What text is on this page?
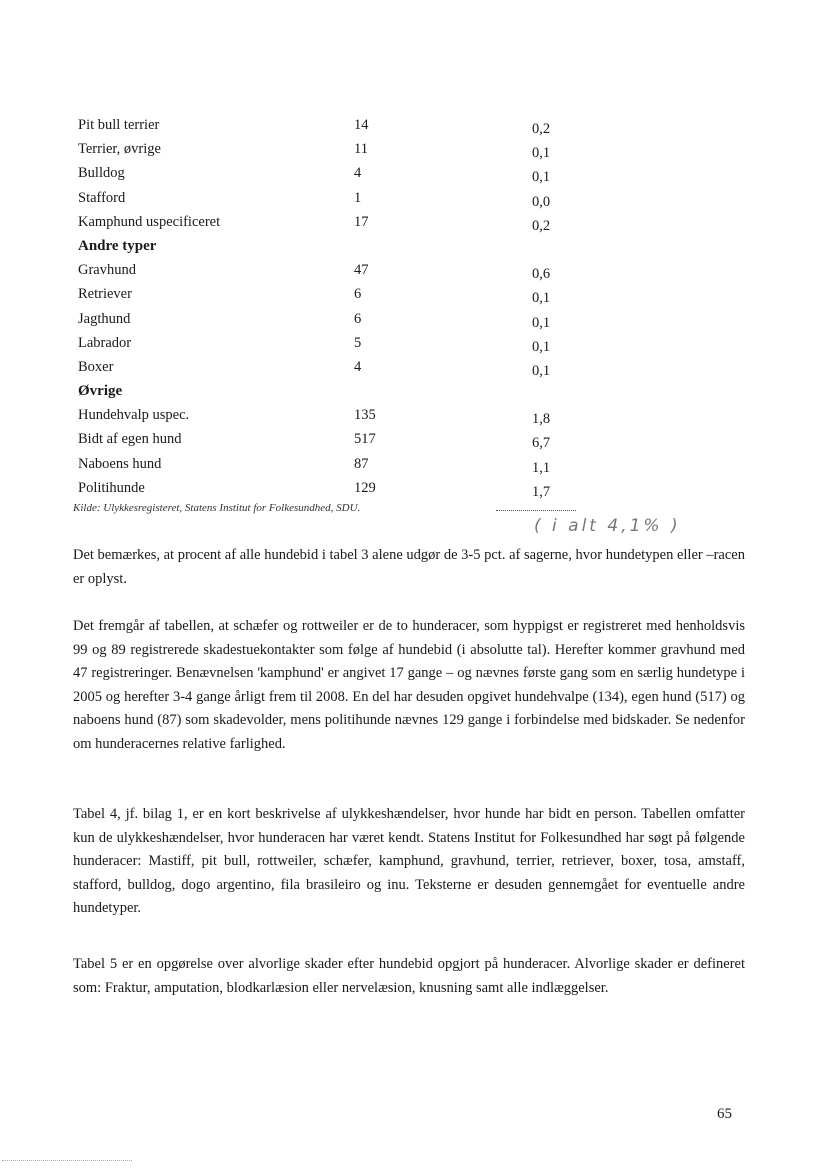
Pit bull terrier	14	0,2
Terrier, øvrige	11	0,1
Bulldog	4	0,1
Stafford	1	0,0
Kamphund uspecificeret	17	0,2
Andre typer
Gravhund	47	0,6
Retriever	6	0,1
Jagthund	6	0,1
Labrador	5	0,1
Boxer	4	0,1
Øvrige
Hundehvalp uspec.	135	1,8
Bidt af egen hund	517	6,7
Naboens hund	87	1,1
Politihunde	129	1,7
Kilde: Ulykkesregisteret, Statens Institut for Folkesundhed, SDU.
( i alt 4,1% )

Det bemærkes, at procent af alle hundebid i tabel 3 alene udgør de 3-5 pct. af sagerne, hvor hundetypen eller –racen er oplyst.

Det fremgår af tabellen, at schæfer og rottweiler er de to hunderacer, som hyppigst er registreret med henholdsvis 99 og 89 registrerede skadestuekontakter som følge af hundebid (i absolutte tal). Herefter kommer gravhund med 47 registreringer. Benævnelsen 'kamphund' er angivet 17 gange – og nævnes første gang som en særlig hundetype i 2005 og herefter 3-4 gange årligt frem til 2008. En del har desuden opgivet hundehvalpe (134), egen hund (517) og naboens hund (87) som skadevolder, mens politihunde nævnes 129 gange i forbindelse med bidskader. Se nedenfor om hunderacernes relative farlighed.

Tabel 4, jf. bilag 1, er en kort beskrivelse af ulykkeshændelser, hvor hunde har bidt en person. Tabellen omfatter kun de ulykkeshændelser, hvor hunderacen har været kendt. Statens Institut for Folkesundhed har søgt på følgende hunderacer: Mastiff, pit bull, rottweiler, schæfer, kamphund, gravhund, terrier, retriever, boxer, tosa, amstaff, stafford, bulldog, dogo argentino, fila brasileiro og inu. Teksterne er desuden gennemgået for eventuelle andre hundetyper.

Tabel 5 er en opgørelse over alvorlige skader efter hundebid opgjort på hunderacer. Alvorlige skader er defineret som: Fraktur, amputation, blodkarlæsion eller nervelæsion, knusning samt alle indlæggelser.

65
